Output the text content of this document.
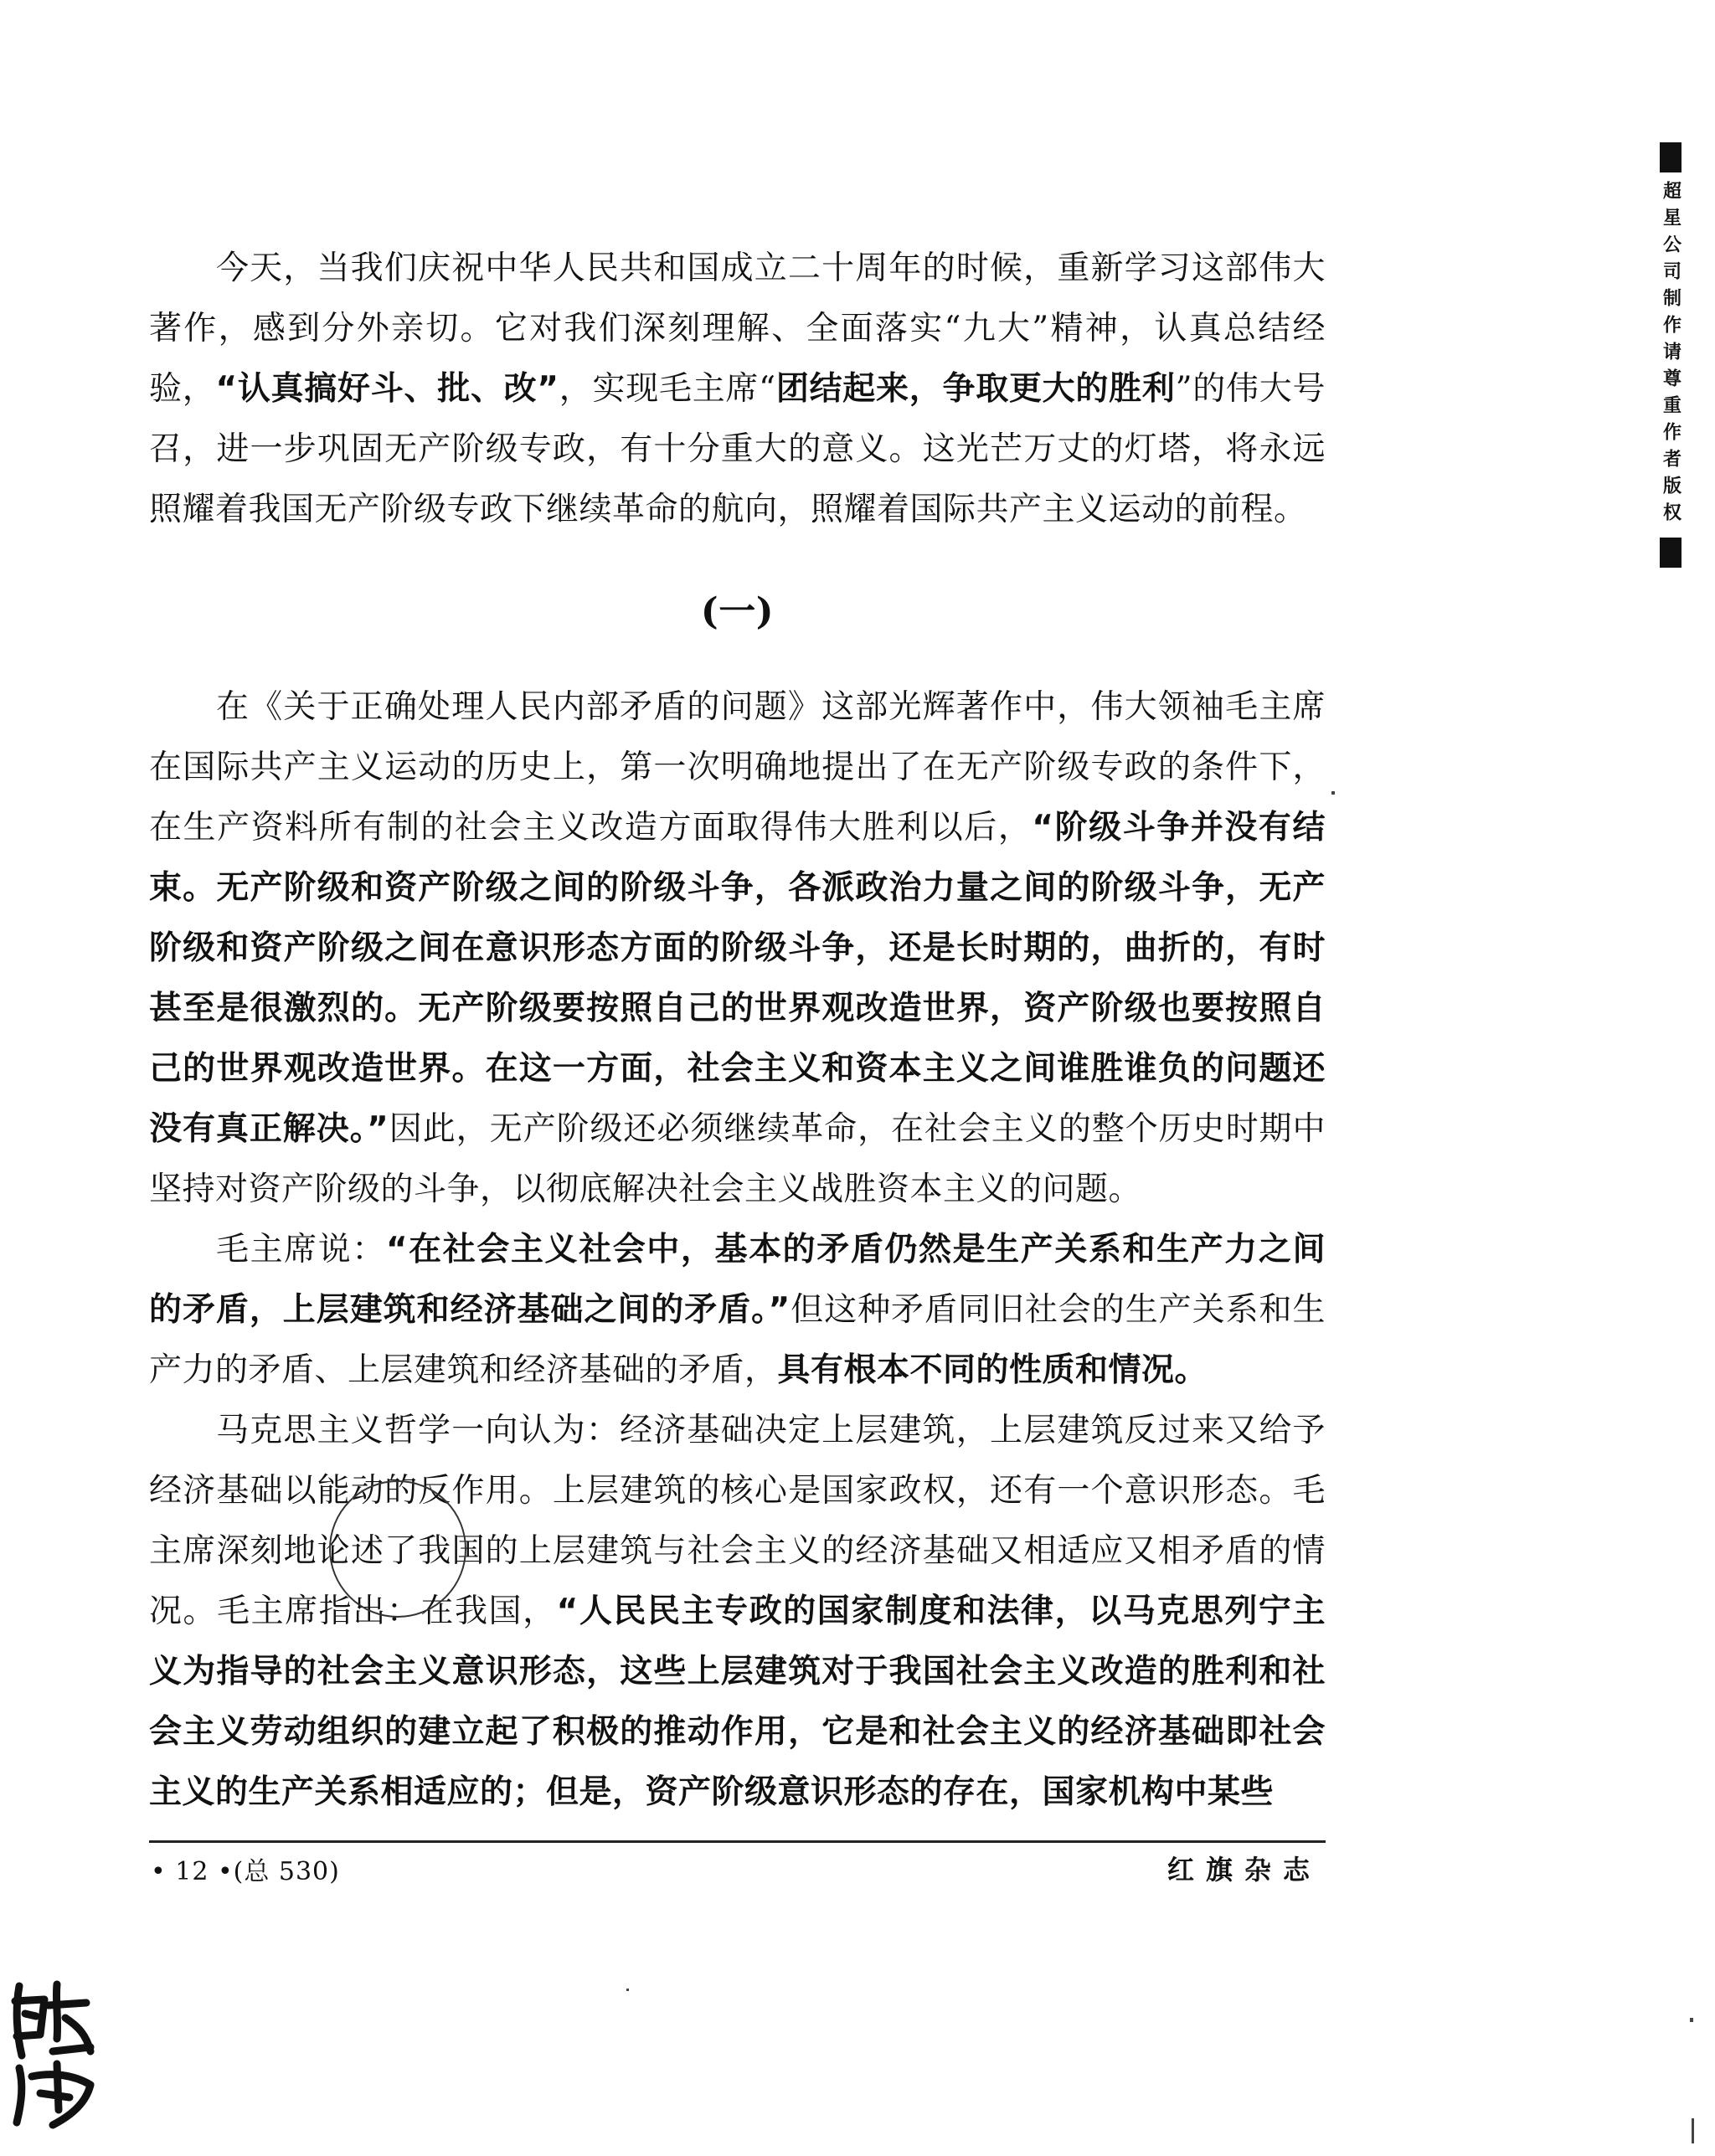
超星公司制作请尊重作者版权

今天，当我们庆祝中华人民共和国成立二十周年的时候，重新学习这部伟大著作，感到分外亲切。它对我们深刻理解、全面落实“九大”精神，认真总结经验，“认真搞好斗、批、改”，实现毛主席“团结起来，争取更大的胜利”的伟大号召，进一步巩固无产阶级专政，有十分重大的意义。这光芒万丈的灯塔，将永远照耀着我国无产阶级专政下继续革命的航向，照耀着国际共产主义运动的前程。

(一)

在《关于正确处理人民内部矛盾的问题》这部光辉著作中，伟大领袖毛主席在国际共产主义运动的历史上，第一次明确地提出了在无产阶级专政的条件下，在生产资料所有制的社会主义改造方面取得伟大胜利以后，“阶级斗争并没有结束。无产阶级和资产阶级之间的阶级斗争，各派政治力量之间的阶级斗争，无产阶级和资产阶级之间在意识形态方面的阶级斗争，还是长时期的，曲折的，有时甚至是很激烈的。无产阶级要按照自己的世界观改造世界，资产阶级也要按照自己的世界观改造世界。在这一方面，社会主义和资本主义之间谁胜谁负的问题还没有真正解决。”因此，无产阶级还必须继续革命，在社会主义的整个历史时期中坚持对资产阶级的斗争，以彻底解决社会主义战胜资本主义的问题。

毛主席说：“在社会主义社会中，基本的矛盾仍然是生产关系和生产力之间的矛盾，上层建筑和经济基础之间的矛盾。”但这种矛盾同旧社会的生产关系和生产力的矛盾、上层建筑和经济基础的矛盾，具有根本不同的性质和情况。

马克思主义哲学一向认为：经济基础决定上层建筑，上层建筑反过来又给予经济基础以能动的反作用。上层建筑的核心是国家政权，还有一个意识形态。毛主席深刻地论述了我国的上层建筑与社会主义的经济基础又相适应又相矛盾的情况。毛主席指出：在我国，“人民民主专政的国家制度和法律，以马克思列宁主义为指导的社会主义意识形态，这些上层建筑对于我国社会主义改造的胜利和社会主义劳动组织的建立起了积极的推动作用，它是和社会主义的经济基础即社会主义的生产关系相适应的；但是，资产阶级意识形态的存在，国家机构中某些

• 12 •(总 530)	红旗杂志
